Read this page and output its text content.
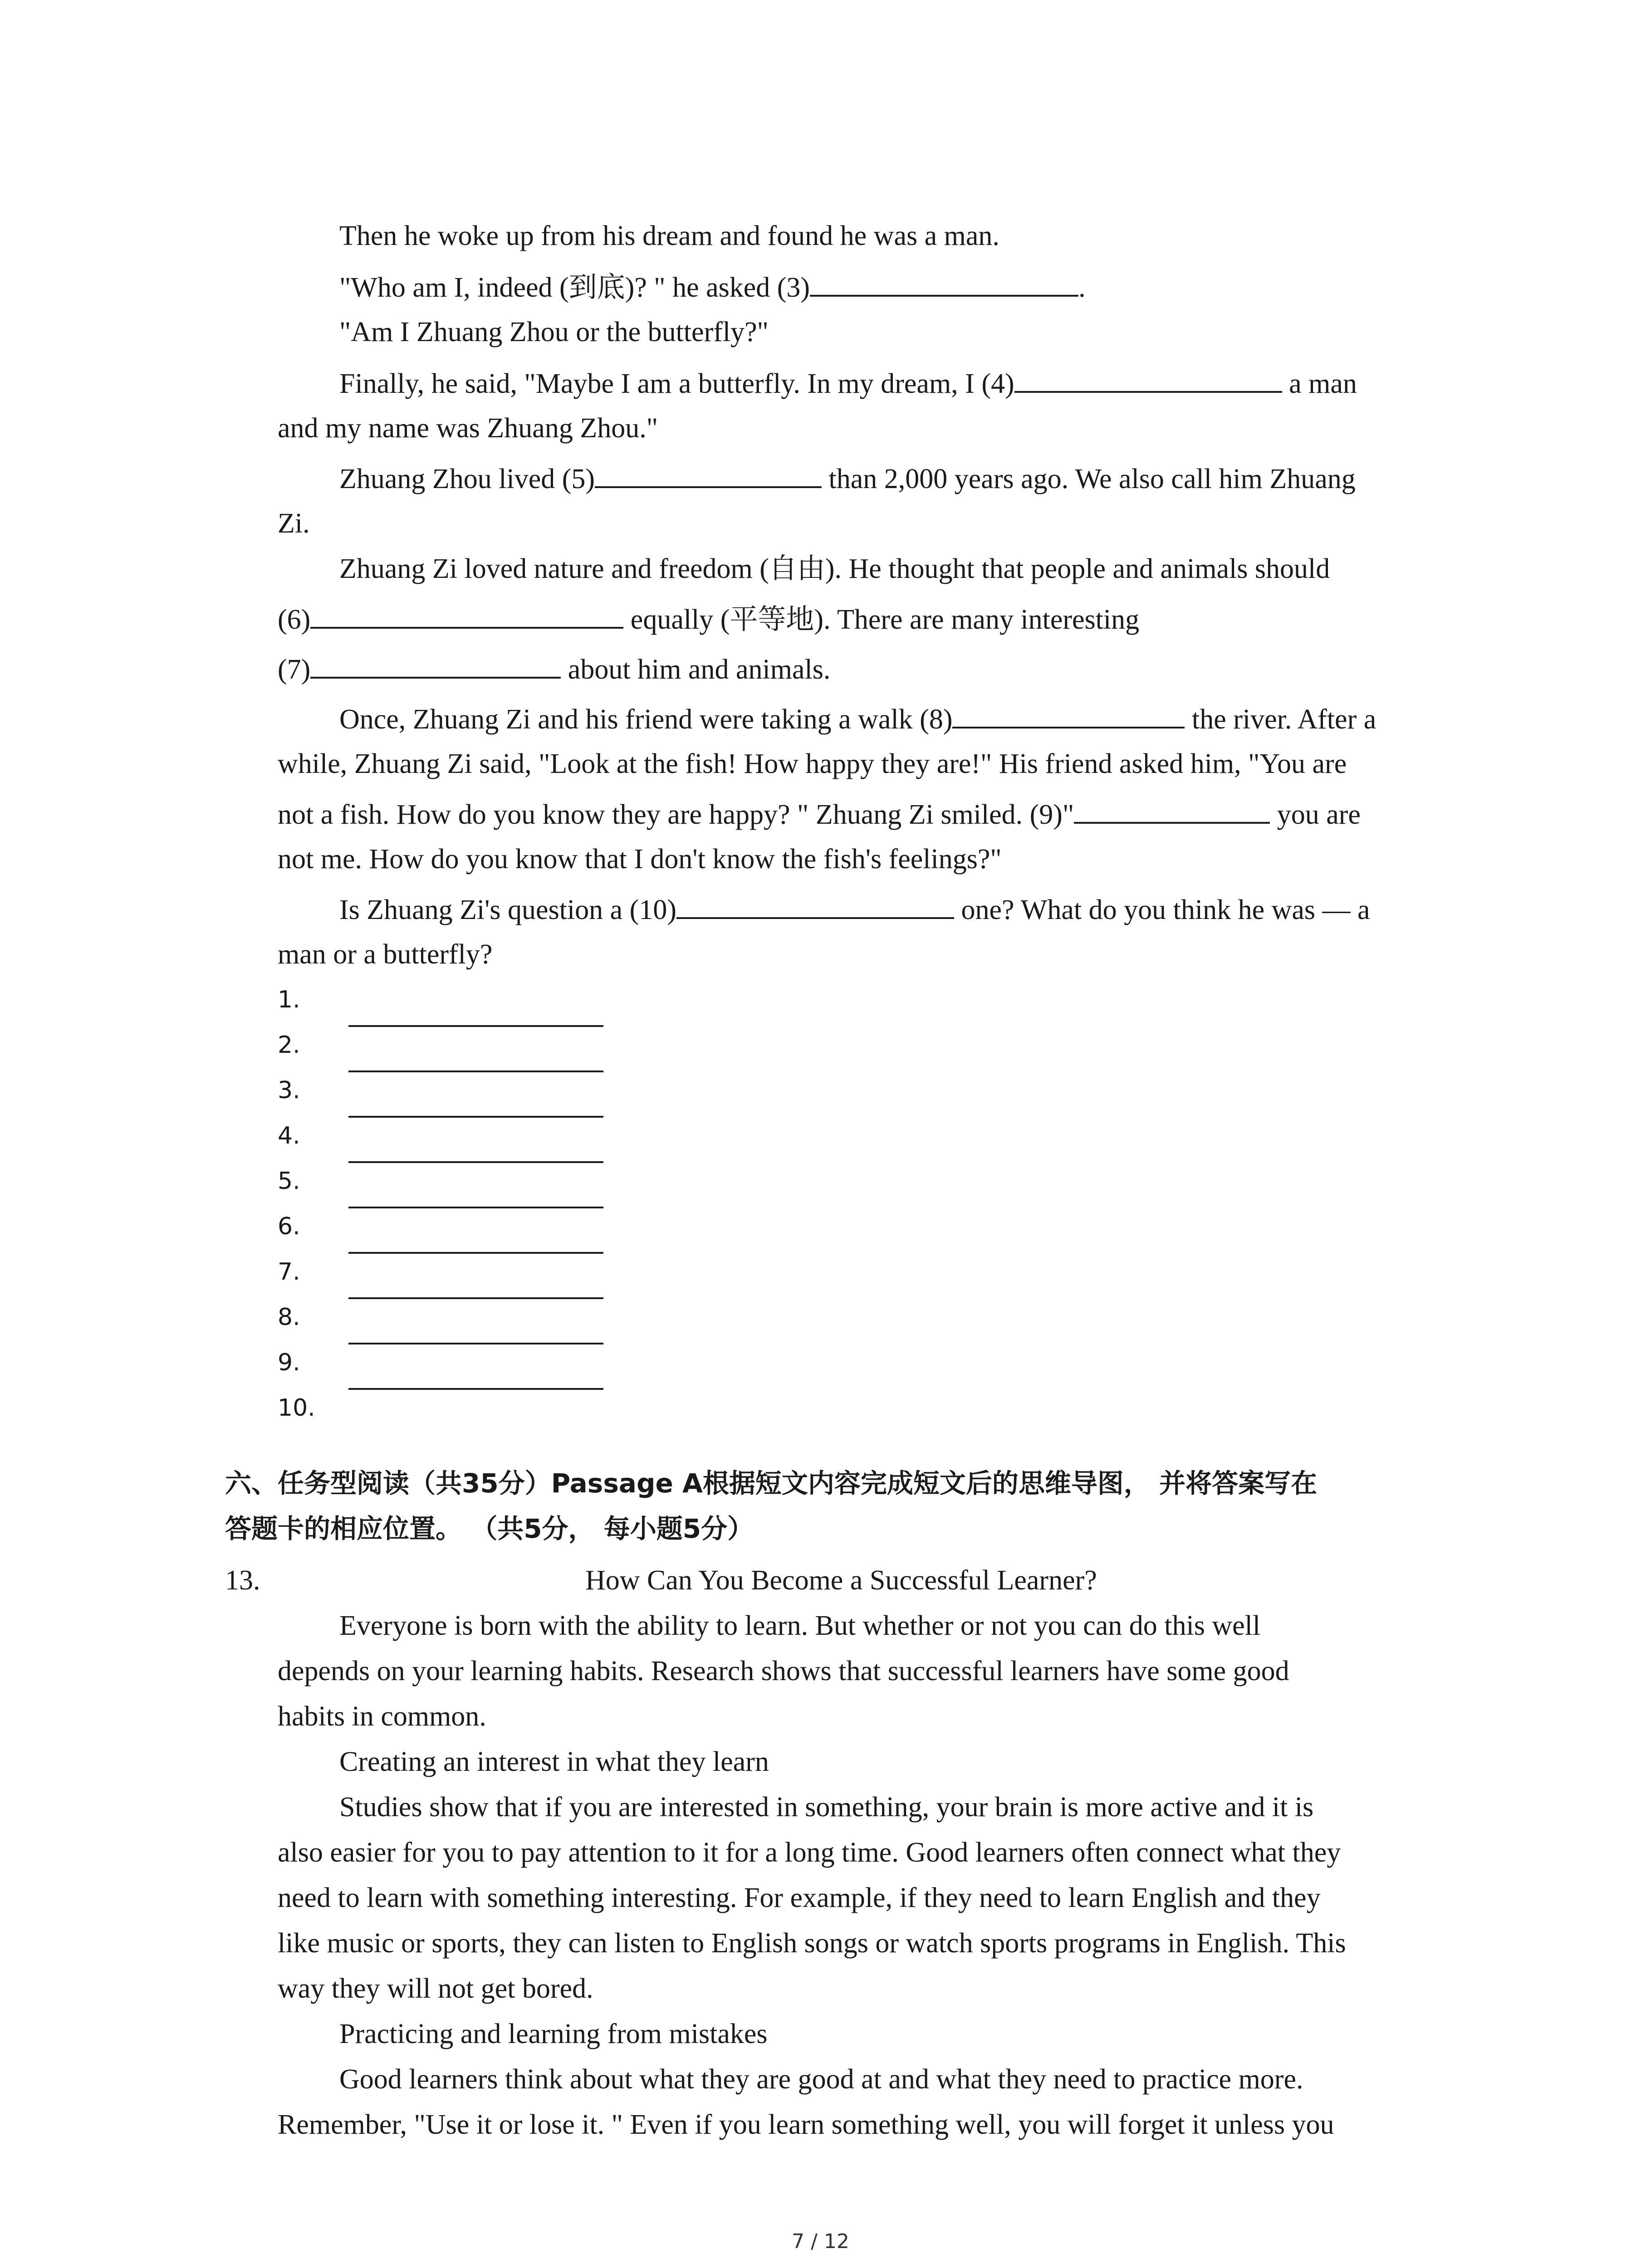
Then he woke up from his dream and found he was a man.
"Who am I, indeed (到底)? " he asked (3)	.
"Am I Zhuang Zhou or the butterfly?"
Finally, he said, "Maybe I am a butterfly. In my dream, I (4)	a man
and my name was Zhuang Zhou."
Zhuang Zhou lived (5)	than 2,000 years ago. We also call him Zhuang
Zi.
Zhuang Zi loved nature and freedom (自由). He thought that people and animals should
(6)	equally (平等地). There are many interesting
(7)	about him and animals.
Once, Zhuang Zi and his friend were taking a walk (8)	the river. After a
while, Zhuang Zi said, "Look at the fish! How happy they are!" His friend asked him, "You are
not a fish. How do you know they are happy? " Zhuang Zi smiled. (9)"	you are
not me. How do you know that I don't know the fish's feelings?"
Is Zhuang Zi's question a (10)	one? What do you think he was — a
man or a butterfly?
1.
2.
3.
4.
5.
6.
7.
8.
9.
10.
六、任务型阅读（共35分）Passage A根据短文内容完成短文后的思维导图， 并将答案写在
答题卡的相应位置。 （共5分， 每小题5分）
13.	How Can You Become a Successful Learner?
Everyone is born with the ability to learn. But whether or not you can do this well
depends on your learning habits. Research shows that successful learners have some good
habits in common.
Creating an interest in what they learn
Studies show that if you are interested in something, your brain is more active and it is
also easier for you to pay attention to it for a long time. Good learners often connect what they
need to learn with something interesting. For example, if they need to learn English and they
like music or sports, they can listen to English songs or watch sports programs in English. This
way they will not get bored.
Practicing and learning from mistakes
Good learners think about what they are good at and what they need to practice more.
Remember, "Use it or lose it. " Even if you learn something well, you will forget it unless you
7 / 12
